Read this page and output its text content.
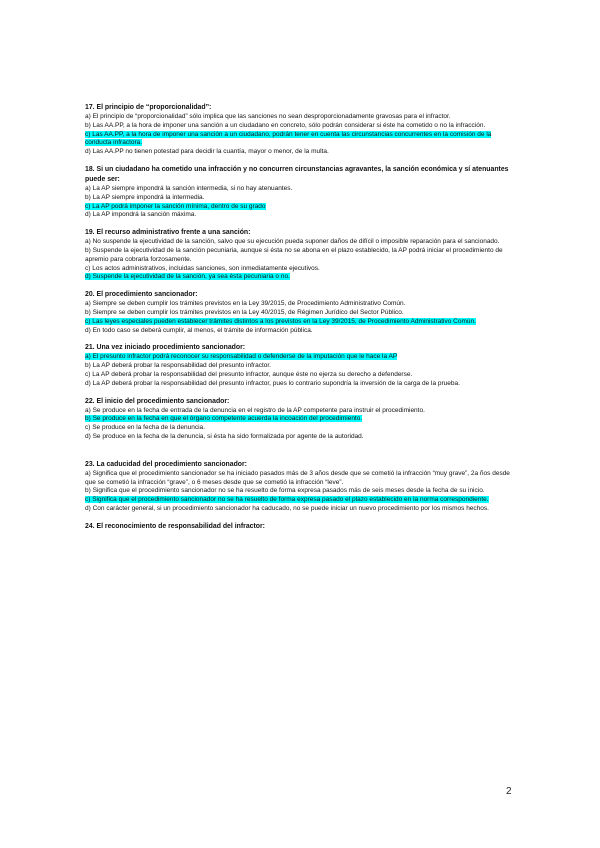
17. El principio de “proporcionalidad”:

a) El principio de “proporcionalidad” sólo implica que las sanciones no sean desproporcionadamente gravosas para el infractor.

b) Las AA.PP, a la hora de imponer una sanción a un ciudadano en concreto, sólo podrán considerar si éste ha cometido o no la infracción.

c) Las AA.PP, a la hora de imponer una sanción a un ciudadano, podrán tener en cuenta las circunstancias concurrentes en la comisión de la conducta infractora.

d) Las AA.PP no tienen potestad para decidir la cuantía, mayor o menor, de la multa.

18. Si un ciudadano ha cometido una infracción y no concurren circunstancias agravantes, la sanción económica y sí atenuantes puede ser:

a) La AP siempre impondrá la sanción intermedia, si no hay atenuantes.

b) La AP siempre impondrá la intermedia.

c) La AP podrá imponer la sanción mínima, dentro de su grado

d) La AP impondrá la sanción máxima.

19. El recurso administrativo frente a una sanción:

a) No suspende la ejecutividad de la sanción, salvo que su ejecución pueda suponer daños de difícil o imposible reparación para el sancionado.

b) Suspende la ejecutividad de la sanción pecuniaria, aunque si ésta no se abona en el plazo establecido, la AP podrá iniciar el procedimiento de apremio para cobrarla forzosamente.

c) Los actos administrativos, incluidas sanciones, son inmediatamente ejecutivos.

d) Suspende la ejecutividad de la sanción, ya sea ésta pecuniaria o no.

20. El procedimiento sancionador:

a) Siempre se deben cumplir los trámites previstos en la Ley 39/2015, de Procedimiento Administrativo Común.

b) Siempre se deben cumplir los trámites previstos en la Ley 40/2015, de Régimen Jurídico del Sector Público.

c) Las leyes especiales pueden establecer trámites distintos a los previstos en la Ley 39/2015, de Procedimiento Administrativo Común.

d) En todo caso se deberá cumplir, al menos, el trámite de información pública.

21. Una vez iniciado procedimiento sancionador:

a) El presunto infractor podrá reconocer su responsabilidad o defenderse de la imputación que le hace la AP

b) La AP deberá probar la responsabilidad del presunto infractor.

c) La AP deberá probar la responsabilidad del presunto infractor, aunque éste no ejerza su derecho a defenderse.

d) La AP deberá probar la responsabilidad del presunto infractor, pues lo contrario supondría la inversión de la carga de la prueba.

22. El inicio del procedimiento sancionador:

a) Se produce en la fecha de entrada de la denuncia en el registro de la AP competente para instruir el procedimiento.

b) Se produce en la fecha en que el órgano competente acuerda la incoación del procedimiento.

c) Se produce en la fecha de la denuncia.

d) Se produce en la fecha de la denuncia, si ésta ha sido formalizada por agente de la autoridad.

23. La caducidad del procedimiento sancionador:

a) Significa que el procedimiento sancionador se ha iniciado pasados más de 3 años desde que se cometió la infracción “muy grave”, 2a ños desde que se cometió la infracción “grave”, o 6 meses desde que se cometió la infracción “leve”.

b) Significa que el procedimiento sancionador no se ha resuelto de forma expresa pasados más de seis meses desde la fecha de su inicio.

c) Significa que el procedimiento sancionador no se ha resuelto de forma expresa pasado el plazo establecido en la norma correspondiente.

d) Con carácter general, si un procedimiento sancionador ha caducado, no se puede iniciar un nuevo procedimiento por los mismos hechos.

24. El reconocimiento de responsabilidad del infractor:

2
